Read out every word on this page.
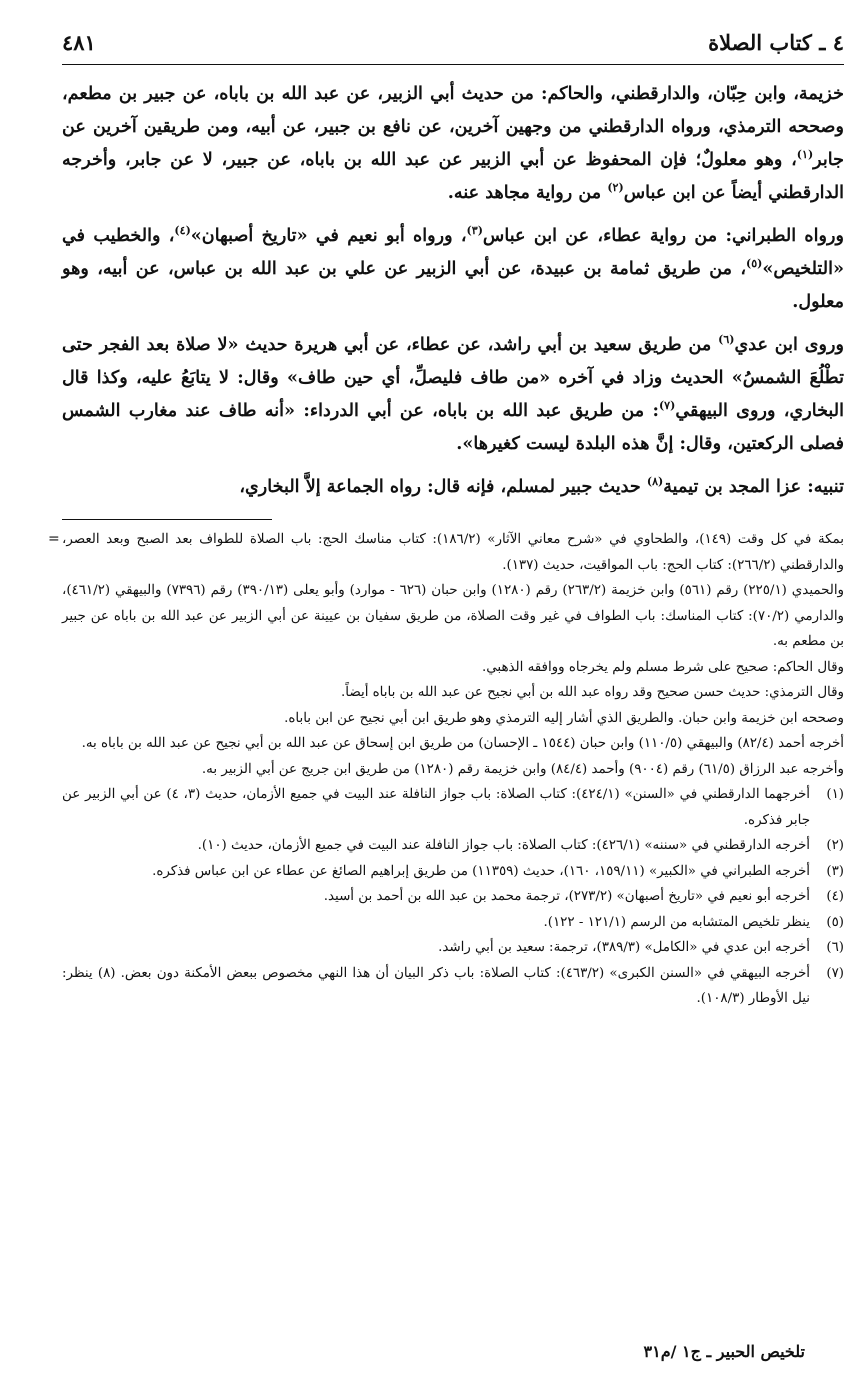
٤ ـ كتاب الصلاة
٤٨١

خزيمة، وابن حِبّان، والدارقطني، والحاكم: من حديث أبي الزبير، عن عبد الله بن باباه، عن جبير بن مطعم، وصححه الترمذي، ورواه الدارقطني من وجهين آخرين، عن نافع بن جبير، عن أبيه، ومن طريقين آخرين عن جابر$^{(١)}$، وهو معلولٌ؛ فإن المحفوظ عن أبي الزبير عن عبد الله بن باباه، عن جبير، لا عن جابر، وأخرجه الدارقطني أيضاً عن ابن عباس$^{(٢)}$ من رواية مجاهد عنه.

ورواه الطبراني: من رواية عطاء، عن ابن عباس$^{(٣)}$، ورواه أبو نعيم في «تاريخ أصبهان»$^{(٤)}$، والخطيب في «التلخيص»$^{(٥)}$، من طريق ثمامة بن عبيدة، عن أبي الزبير عن علي بن عبد الله بن عباس، عن أبيه، وهو معلول.

وروى ابن عدي$^{(٦)}$ من طريق سعيد بن أبي راشد، عن عطاء، عن أبي هريرة حديث «لا صلاة بعد الفجر حتى تطْلُعَ الشمسُ» الحديث وزاد في آخره «من طاف فليصلِّ، أي حين طاف» وقال: لا يتابَعُ عليه، وكذا قال البخاري، وروى البيهقي$^{(٧)}$: من طريق عبد الله بن باباه، عن أبي الدرداء: «أنه طاف عند مغارب الشمس فصلى الركعتين، وقال: إنَّ هذه البلدة ليست كغيرها».

تنبيه: عزا المجد بن تيمية$^{(٨)}$ حديث جبير لمسلم، فإنه قال: رواه الجماعة إلاَّ البخاري،

= بمكة في كل وقت (١٤٩)، والطحاوي في «شرح معاني الآثار» (١٨٦/٢): كتاب مناسك الحج: باب الصلاة للطواف بعد الصبح وبعد العصر، والدارقطني (٢٦٦/٢): كتاب الحج: باب المواقيت، حديث (١٣٧).

والحميدي (٢٢٥/١) رقم (٥٦١) وابن خزيمة (٢٦٣/٢) رقم (١٢٨٠) وابن حبان (٦٢٦ - موارد) وأبو يعلى (٣٩٠/١٣) رقم (٧٣٩٦) والبيهقي (٤٦١/٢)، والدارمي (٧٠/٢): كتاب المناسك: باب الطواف في غير وقت الصلاة، من طريق سفيان بن عيينة عن أبي الزبير عن عبد الله بن باباه عن جبير بن مطعم به.

وقال الحاكم: صحيح على شرط مسلم ولم يخرجاه ووافقه الذهبي.

وقال الترمذي: حديث حسن صحيح وقد رواه عبد الله بن أبي نجيح عن عبد الله بن باباه أيضاً.

وصححه ابن خزيمة وابن حبان. والطريق الذي أشار إليه الترمذي وهو طريق ابن أبي نجيح عن ابن باباه.

أخرجه أحمد (٨٢/٤) والبيهقي (١١٠/٥) وابن حبان (١٥٤٤ ـ الإحسان) من طريق ابن إسحاق عن عبد الله بن أبي نجيح عن عبد الله بن باباه به.

وأخرجه عبد الرزاق (٦١/٥) رقم (٩٠٠٤) وأحمد (٨٤/٤) وابن خزيمة رقم (١٢٨٠) من طريق ابن جريج عن أبي الزبير به.

(١)
أخرجهما الدارقطني في «السنن» (٤٢٤/١): كتاب الصلاة: باب جواز النافلة عند البيت في جميع الأزمان، حديث (٣، ٤) عن أبي الزبير عن جابر فذكره.
(٢)
أخرجه الدارقطني في «سننه» (٤٢٦/١): كتاب الصلاة: باب جواز النافلة عند البيت في جميع الأزمان، حديث (١٠).
(٣)
أخرجه الطبراني في «الكبير» (١٥٩/١١، ١٦٠)، حديث (١١٣٥٩) من طريق إبراهيم الصائغ عن عطاء عن ابن عباس فذكره.
(٤)
أخرجه أبو نعيم في «تاريخ أصبهان» (٢٧٣/٢)، ترجمة محمد بن عبد الله بن أحمد بن أسيد.
(٥)
ينظر تلخيص المتشابه من الرسم (١٢١/١ - ١٢٢).
(٦)
أخرجه ابن عدي في «الكامل» (٣٨٩/٣)، ترجمة: سعيد بن أبي راشد.
(٧)
أخرجه البيهقي في «السنن الكبرى» (٤٦٣/٢): كتاب الصلاة: باب ذكر البيان أن هذا النهي مخصوص ببعض الأمكنة دون بعض. (٨) ينظر: نيل الأوطار (١٠٨/٣).
تلخيص الحبير ـ ج١ /م٣١
